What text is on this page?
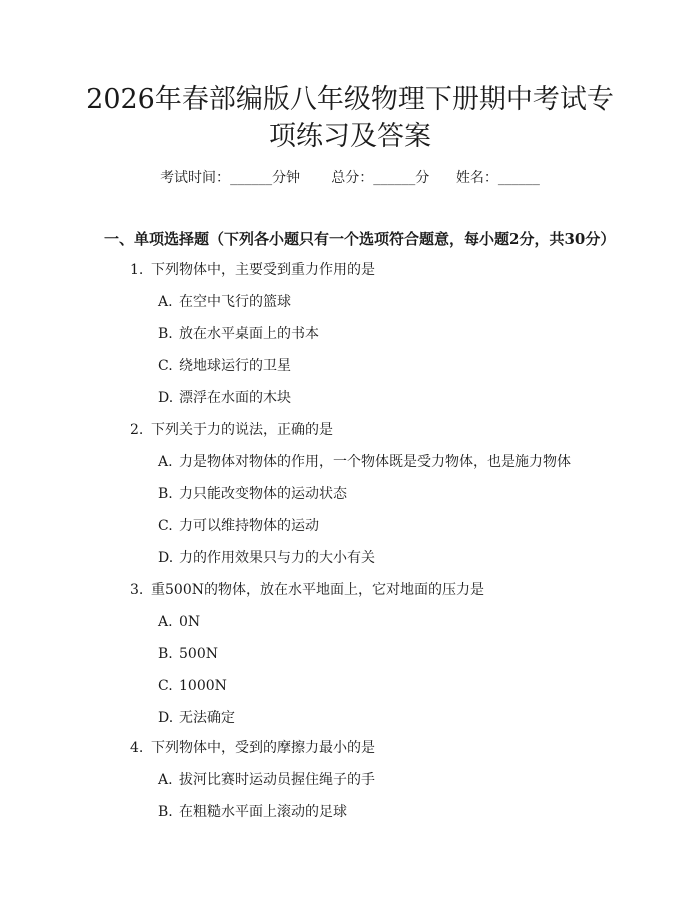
2026年春部编版八年级物理下册期中考试专
项练习及答案
考试时间：______分钟 总分：______分 姓名：______
一、单项选择题（下列各小题只有一个选项符合题意，每小题2分，共30分）
1. 下列物体中，主要受到重力作用的是
A. 在空中飞行的篮球
B. 放在水平桌面上的书本
C. 绕地球运行的卫星
D. 漂浮在水面的木块
2. 下列关于力的说法，正确的是
A. 力是物体对物体的作用，一个物体既是受力物体，也是施力物体
B. 力只能改变物体的运动状态
C. 力可以维持物体的运动
D. 力的作用效果只与力的大小有关
3. 重500N的物体，放在水平地面上，它对地面的压力是
A. 0N
B. 500N
C. 1000N
D. 无法确定
4. 下列物体中，受到的摩擦力最小的是
A. 拔河比赛时运动员握住绳子的手
B. 在粗糙水平面上滚动的足球
